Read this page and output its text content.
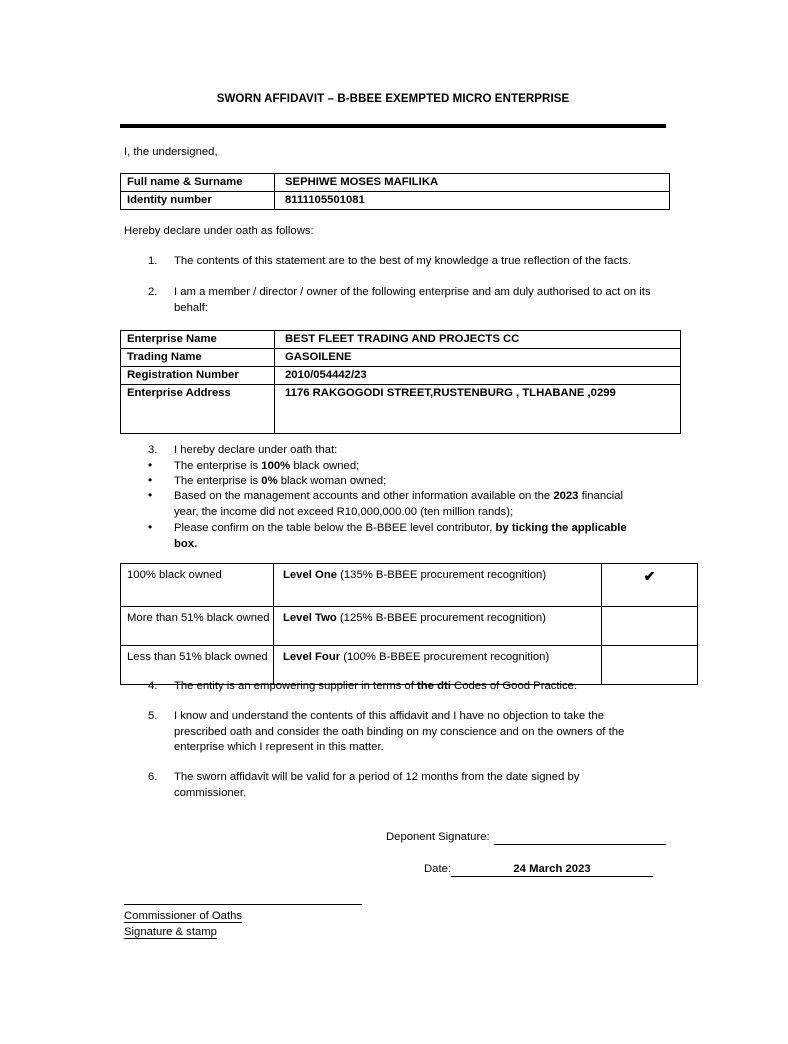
SWORN AFFIDAVIT – B-BBEE EXEMPTED MICRO ENTERPRISE
I, the undersigned,
Full name & Surname	SEPHIWE MOSES MAFILIKA
Identity number	8111105501081
Hereby declare under oath as follows:
1.	The contents of this statement are to the best of my knowledge a true reflection of the facts.
2.	I am a member / director / owner of the following enterprise and am duly authorised to act on its behalf:
Enterprise Name	BEST FLEET TRADING AND PROJECTS CC
Trading Name	GASOILENE
Registration Number	2010/054442/23
Enterprise Address	1176 RAKGOGODI STREET,RUSTENBURG , TLHABANE ,0299
3.	I hereby declare under oath that:
•	The enterprise is 100% black owned;
•	The enterprise is 0% black woman owned;
•	Based on the management accounts and other information available on the 2023 financial year, the income did not exceed R10,000,000.00 (ten million rands);
•	Please confirm on the table below the B-BBEE level contributor, by ticking the applicable box.
100% black owned	Level One (135% B-BBEE procurement recognition)	✔
More than 51% black owned	Level Two (125% B-BBEE procurement recognition)	
Less than 51% black owned	Level Four (100% B-BBEE procurement recognition)	
4.	The entity is an empowering supplier in terms of the dti Codes of Good Practice.
5.	I know and understand the contents of this affidavit and I have no objection to take the prescribed oath and consider the oath binding on my conscience and on the owners of the enterprise which I represent in this matter.
6.	The sworn affidavit will be valid for a period of 12 months from the date signed by commissioner.
Deponent Signature:
Date:	24 March 2023
Commissioner of Oaths
Signature & stamp
